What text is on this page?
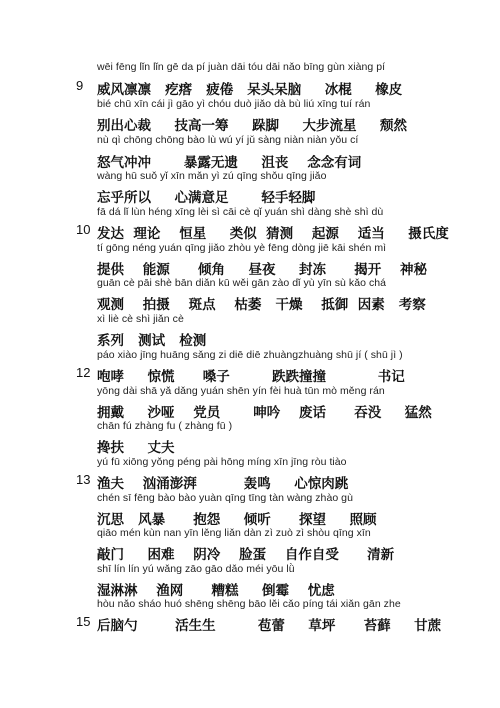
wēi fēng lǐn lǐn gē da pí juàn dāi tóu dāi nǎo bīng gùn xiàng pí
9	威风凛凛   疙瘩   疲倦   呆头呆脑     冰棍     橡皮
bié chū xīn cái jì gāo yì chóu duò jiǎo dà bù liú xīng tuí rán
别出心裁     技高一筹     跺脚     大步流星     颓然
nù qì chōng chōng bào lù wú yí jǔ sàng niàn niàn yǒu cí
怒气冲冲       暴露无遗     沮丧    念念有词
wàng hū suǒ yǐ xīn mǎn yì zú qīng shǒu qīng jiǎo
忘乎所以     心满意足       轻手轻脚
fā dá lǐ lùn héng xīng lèi sì cāi cè qǐ yuán shì dàng shè shì dù
10 发达  理论    恒星     类似  猜测    起源    适当     摄氏度
tí gōng néng yuán qīng jiǎo zhòu yè fēng dòng jiē kāi shén mì
提供    能源      倾角     昼夜     封冻      揭开    神秘
guān cè pāi shè bān diǎn kū wěi gān zào dǐ yù yīn sù kǎo chá
观测    拍摄    斑点    枯萎   干燥    抵御  因素   考察
xì liè cè shì jiǎn cè
系列   测试   检测
páo xiào jīng huāng sǎng zi diē diē zhuàngzhuàng shū jí ( shū jì )
12 咆哮     惊慌      嗓子         跌跌撞撞           书记
yōng dài shā yǎ dǎng yuán shēn yín fèi huà tūn mò měng rán
拥戴     沙哑    党员       呻吟    废话      吞没     猛然
chān fú zhàng fu ( zhàng fū )
搀扶     丈夫
yú fū xiōng yǒng péng pài hōng míng xīn jīng ròu tiào
13 渔夫    汹涌澎湃          轰鸣     心惊肉跳
chén sī fēng bào bào yuàn qīng tīng tàn wàng zhào gù
沉思   风暴      抱怨     倾听      探望     照顾
qiāo mén kùn nan yīn lěng liǎn dàn zì zuò zì shòu qīng xīn
敲门     困难    阴冷    脸蛋    自作自受      清新
shī lín lín yú wǎng zāo gāo dǎo méi yōu lǜ
湿淋淋    渔网      糟糕     倒霉    忧虑
hòu nǎo sháo huó shēng shēng bāo lěi cǎo píng tái xiǎn gān zhe
15 后脑勺        活生生         苞蕾     草坪      苔藓     甘蔗
